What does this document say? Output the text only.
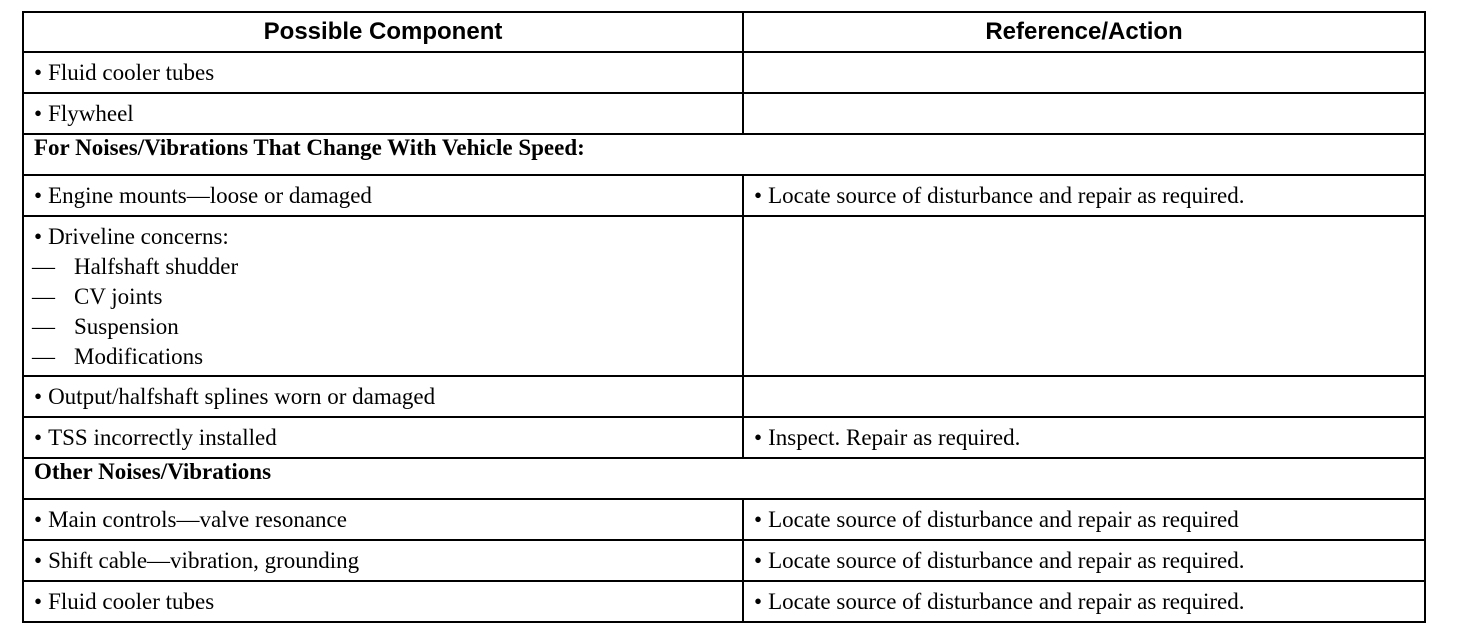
Possible Component	Reference/Action
• Fluid cooler tubes	
• Flywheel	
For Noises/Vibrations That Change With Vehicle Speed:	
• Engine mounts—loose or damaged	• Locate source of disturbance and repair as required.

• Driveline concerns:
— Halfshaft shudder
— CV joints
— Suspension
— Modifications	

• Output/halfshaft splines worn or damaged	
• TSS incorrectly installed	• Inspect. Repair as required.
Other Noises/Vibrations	
• Main controls—valve resonance	• Locate source of disturbance and repair as required
• Shift cable—vibration, grounding	• Locate source of disturbance and repair as required.
• Fluid cooler tubes	• Locate source of disturbance and repair as required.
